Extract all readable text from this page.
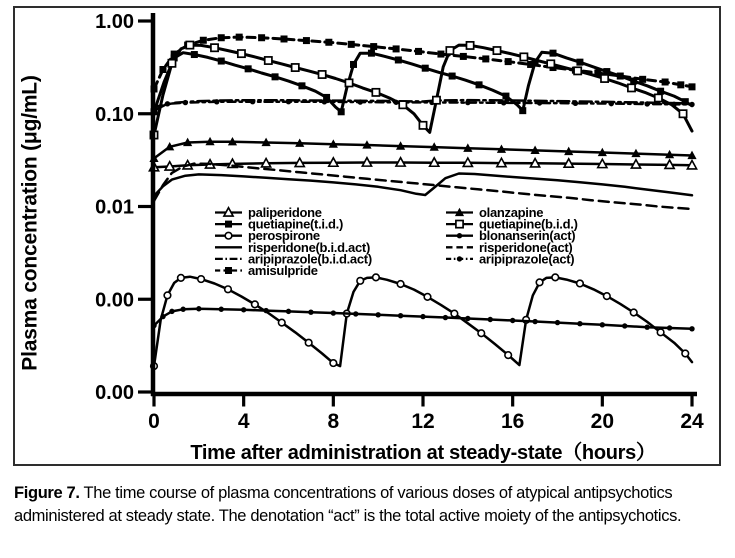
1.00
0.10
0.01
0.00
0.00
0	4	8	12	16	20	24
paliperidone
quetiapine(t.i.d.)
perospirone
risperidone(b.i.d.act)
aripiprazole(b.i.d.act)
amisulpride
olanzapine
quetiapine(b.i.d.)
blonanserin(act)
risperidone(act)
aripiprazole(act)
Plasma concentration (μg/mL)
Time after administration at steady-state（hours）
Figure 7. The time course of plasma concentrations of various doses of atypical antipsychotics administered at steady state. The denotation “act” is the total active moiety of the antipsychotics.
